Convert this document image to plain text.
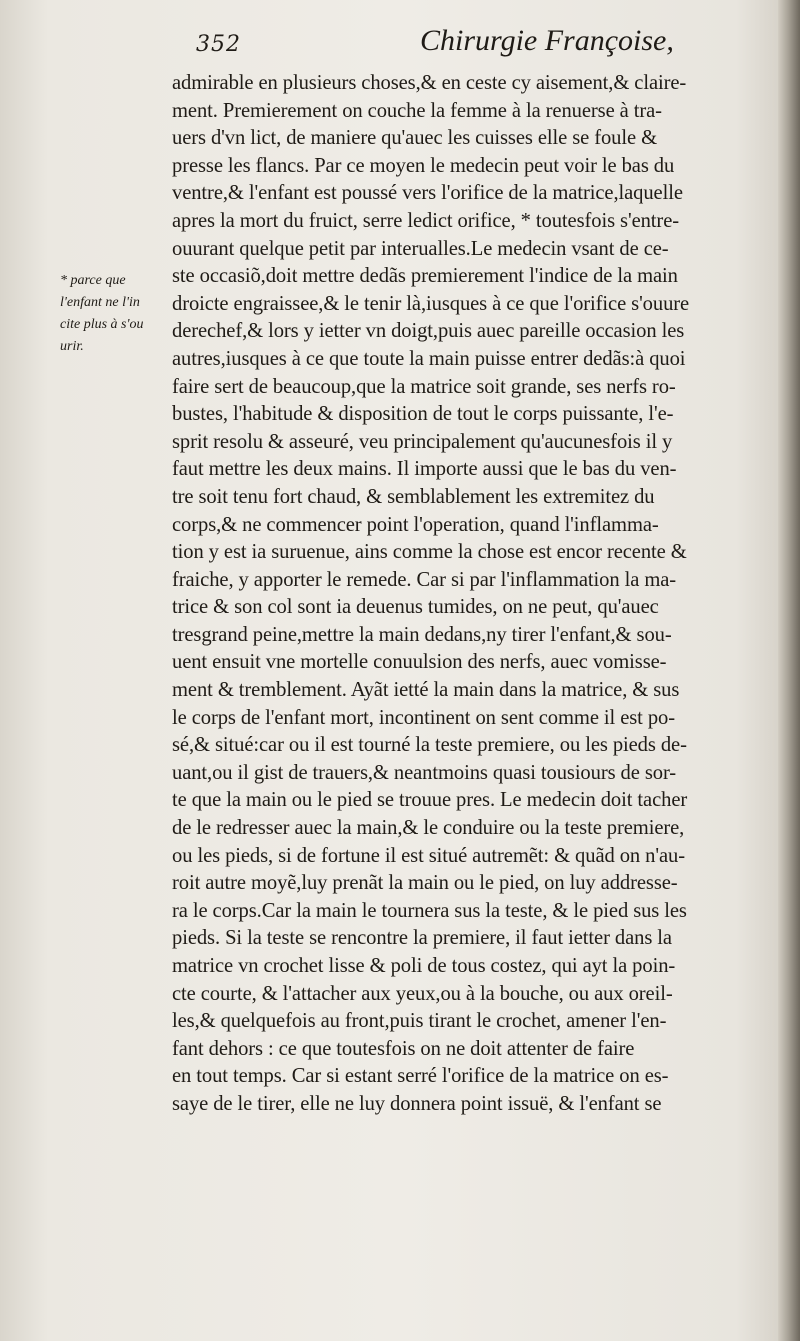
352	Chirurgie Françoise,
* parce que
l'enfant ne l'in
cite plus à s'ou
urir.
admirable en plusieurs choses,& en ceste cy aisement,& claire-
ment. Premierement on couche la femme à la renuerse à tra-
uers d'vn lict, de maniere qu'auec les cuisses elle se foule &
presse les flancs. Par ce moyen le medecin peut voir le bas du
ventre,& l'enfant est poussé vers l'orifice de la matrice,laquelle
apres la mort du fruict, serre ledict orifice, * toutesfois s'entre-
ouurant quelque petit par interualles.Le medecin vsant de ce-
ste occasiõ,doit mettre dedãs premierement l'indice de la main
droicte engraissee,& le tenir là,iusques à ce que l'orifice s'ouure
derechef,& lors y ietter vn doigt,puis auec pareille occasion les
autres,iusques à ce que toute la main puisse entrer dedãs:à quoi
faire sert de beaucoup,que la matrice soit grande, ses nerfs ro-
bustes, l'habitude & disposition de tout le corps puissante, l'e-
sprit resolu & asseuré, veu principalement qu'aucunesfois il y
faut mettre les deux mains. Il importe aussi que le bas du ven-
tre soit tenu fort chaud, & semblablement les extremitez du
corps,& ne commencer point l'operation, quand l'inflamma-
tion y est ia suruenue, ains comme la chose est encor recente &
fraiche, y apporter le remede. Car si par l'inflammation la ma-
trice & son col sont ia deuenus tumides, on ne peut, qu'auec
tresgrand peine,mettre la main dedans,ny tirer l'enfant,& sou-
uent ensuit vne mortelle conuulsion des nerfs, auec vomisse-
ment & tremblement. Ayãt ietté la main dans la matrice, & sus
le corps de l'enfant mort, incontinent on sent comme il est po-
sé,& situé:car ou il est tourné la teste premiere, ou les pieds de-
uant,ou il gist de trauers,& neantmoins quasi tousiours de sor-
te que la main ou le pied se trouue pres. Le medecin doit tacher
de le redresser auec la main,& le conduire ou la teste premiere,
ou les pieds, si de fortune il est situé autremẽt: & quãd on n'au-
roit autre moyẽ,luy prenãt la main ou le pied, on luy addresse-
ra le corps.Car la main le tournera sus la teste, & le pied sus les
pieds. Si la teste se rencontre la premiere, il faut ietter dans la
matrice vn crochet lisse & poli de tous costez, qui ayt la poin-
cte courte, & l'attacher aux yeux,ou à la bouche, ou aux oreil-
les,& quelquefois au front,puis tirant le crochet, amener l'en-
fant dehors : ce que toutesfois on ne doit attenter de faire
en tout temps. Car si estant serré l'orifice de la matrice on es-
saye de le tirer, elle ne luy donnera point issuë, & l'enfant se
